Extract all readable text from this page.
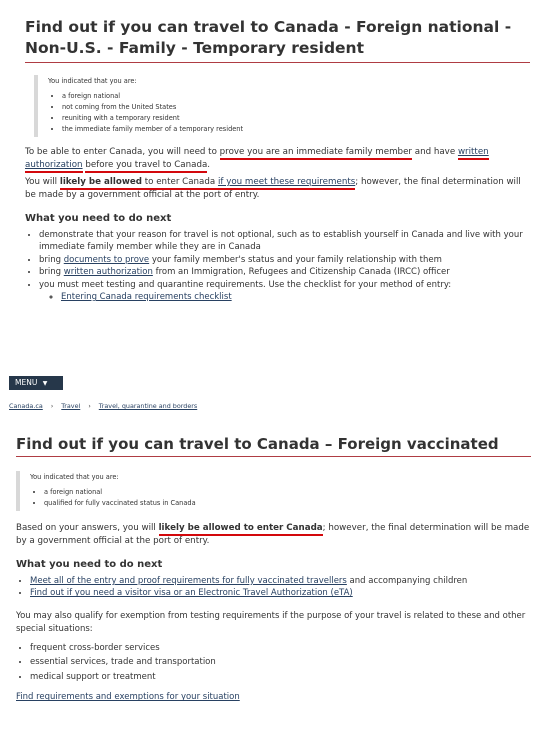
Find out if you can travel to Canada - Foreign national - Non-U.S. - Family - Temporary resident
You indicated that you are:
• a foreign national
• not coming from the United States
• reuniting with a temporary resident
• the immediate family member of a temporary resident

To be able to enter Canada, you will need to prove you are an immediate family member and have written authorization before you travel to Canada.

You will likely be allowed to enter Canada if you meet these requirements; however, the final determination will be made by a government official at the port of entry.

What you need to do next
• demonstrate that your reason for travel is not optional, such as to establish yourself in Canada and live with your immediate family member while they are in Canada
• bring documents to prove your family member's status and your family relationship with them
• bring written authorization from an Immigration, Refugees and Citizenship Canada (IRCC) officer
• you must meet testing and quarantine requirements. Use the checklist for your method of entry:
◦ Entering Canada requirements checklist
MENU ▼
Canada.ca › Travel › Travel, quarantine and borders
Find out if you can travel to Canada – Foreign vaccinated
You indicated that you are:
• a foreign national
• qualified for fully vaccinated status in Canada

Based on your answers, you will likely be allowed to enter Canada; however, the final determination will be made by a government official at the port of entry.

What you need to do next
• Meet all of the entry and proof requirements for fully vaccinated travellers and accompanying children
• Find out if you need a visitor visa or an Electronic Travel Authorization (eTA)

You may also qualify for exemption from testing requirements if the purpose of your travel is related to these and other special situations:

• frequent cross-border services
• essential services, trade and transportation
• medical support or treatment

Find requirements and exemptions for your situation
